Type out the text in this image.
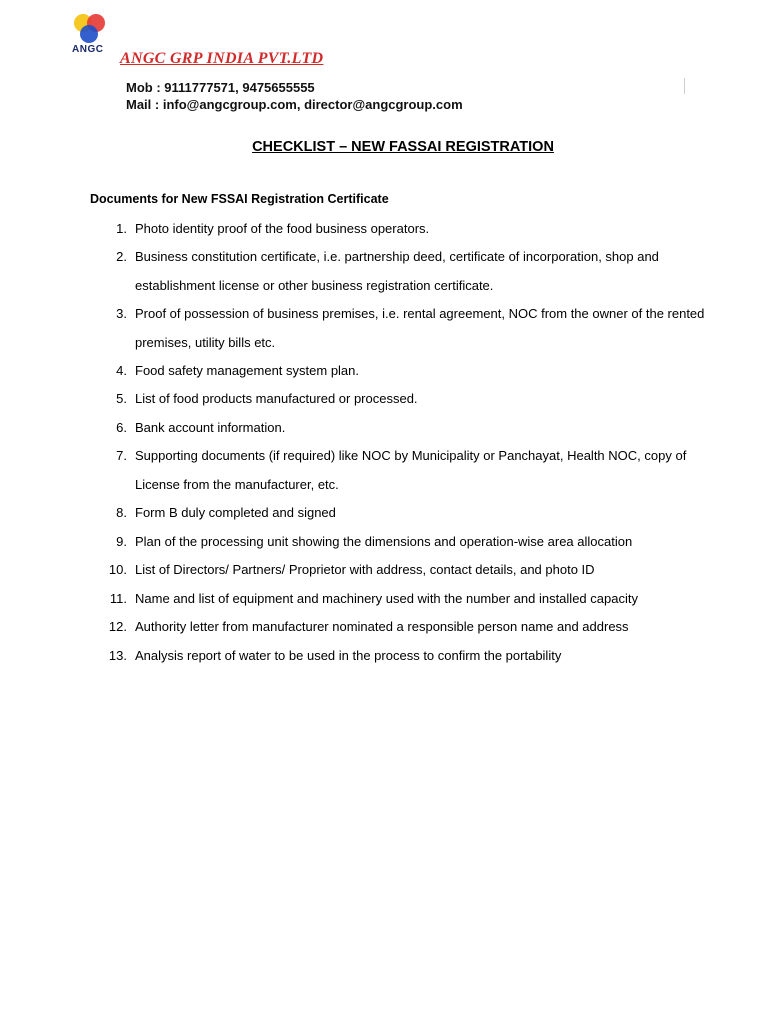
ANGC
ANGC GRP INDIA PVT.LTD
Mob : 9111777571, 9475655555
Mail : info@angcgroup.com, director@angcgroup.com
CHECKLIST – NEW FASSAI REGISTRATION
Documents for New FSSAI Registration Certificate
1. Photo identity proof of the food business operators.
2. Business constitution certificate, i.e. partnership deed, certificate of incorporation, shop and establishment license or other business registration certificate.
3. Proof of possession of business premises, i.e. rental agreement, NOC from the owner of the rented premises, utility bills etc.
4. Food safety management system plan.
5. List of food products manufactured or processed.
6. Bank account information.
7. Supporting documents (if required) like NOC by Municipality or Panchayat, Health NOC, copy of License from the manufacturer, etc.
8. Form B duly completed and signed
9. Plan of the processing unit showing the dimensions and operation-wise area allocation
10. List of Directors/ Partners/ Proprietor with address, contact details, and photo ID
11. Name and list of equipment and machinery used with the number and installed capacity
12. Authority letter from manufacturer nominated a responsible person name and address
13. Analysis report of water to be used in the process to confirm the portability
